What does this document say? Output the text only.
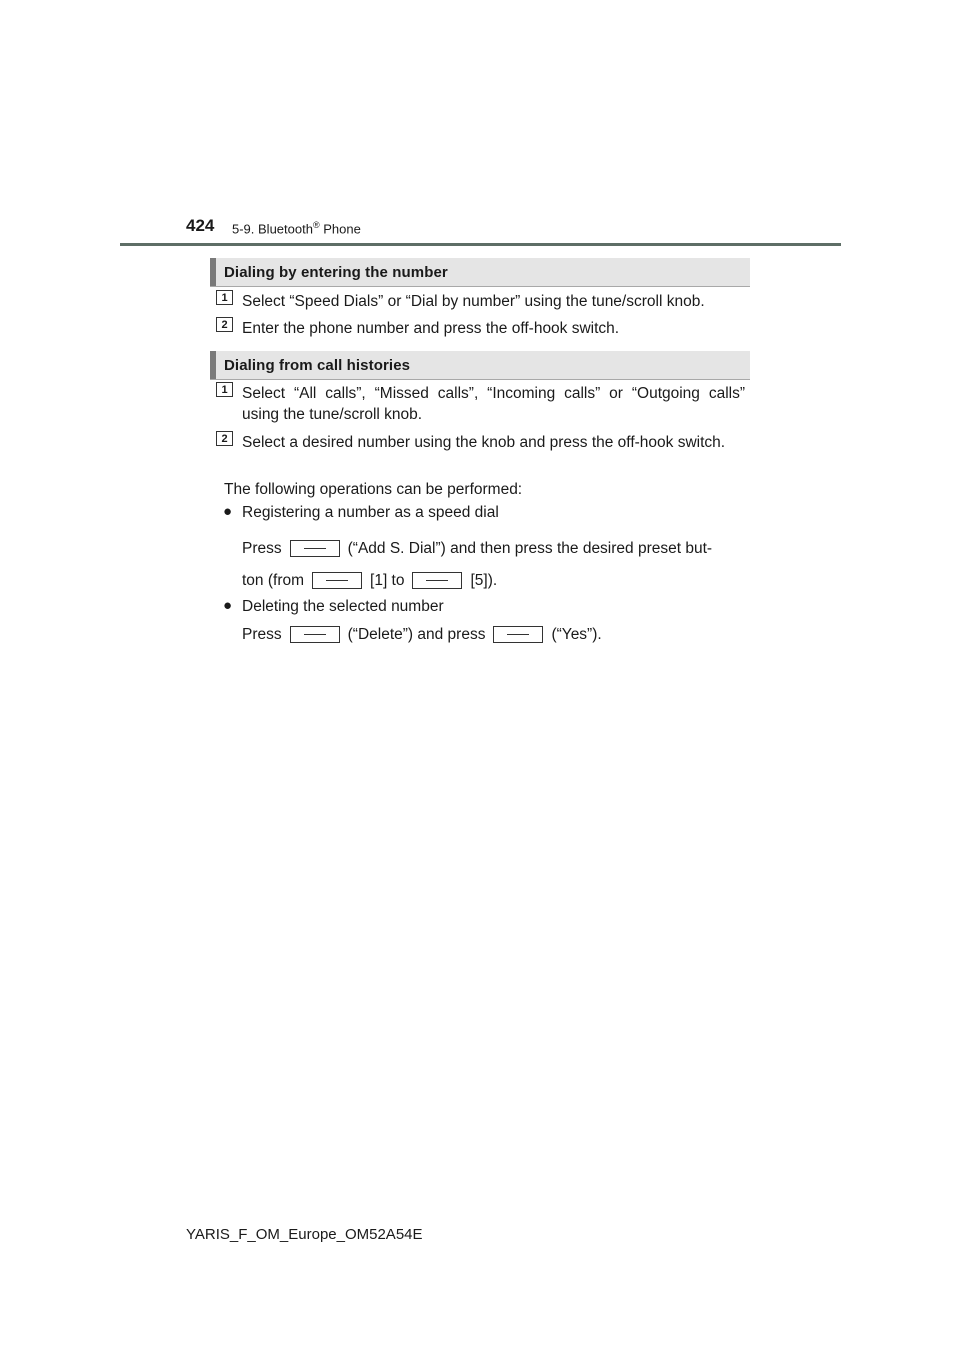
424 5-9. Bluetooth® Phone
Dialing by entering the number
1 Select “Speed Dials” or “Dial by number” using the tune/scroll knob.
2 Enter the phone number and press the off-hook switch.
Dialing from call histories
1 Select “All calls”, “Missed calls”, “Incoming calls” or “Outgoing calls” using the tune/scroll knob.
2 Select a desired number using the knob and press the off-hook switch.
The following operations can be performed:
● Registering a number as a speed dial
Press	(“Add S. Dial”) and then press the desired preset but-
ton (from	[1] to	[5]).
● Deleting the selected number
Press	(“Delete”) and press	(“Yes”).
YARIS_F_OM_Europe_OM52A54E
